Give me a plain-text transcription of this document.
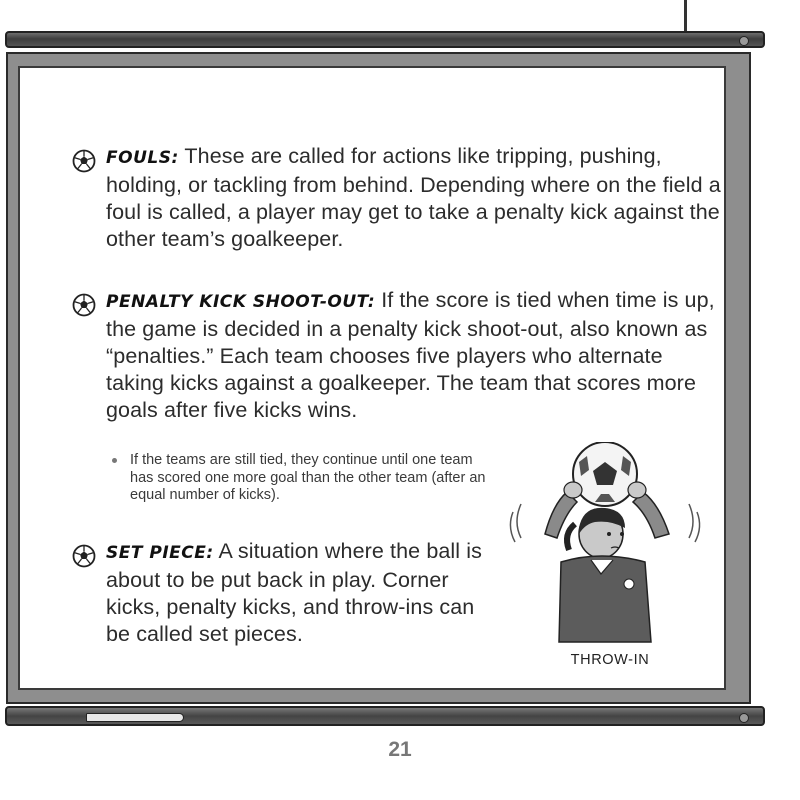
FOULS: These are called for actions like tripping, pushing, holding, or tackling from behind. Depending where on the field a foul is called, a player may get to take a penalty kick against the other team’s goalkeeper.
PENALTY KICK SHOOT-OUT: If the score is tied when time is up, the game is decided in a penalty kick shoot-out, also known as “penalties.” Each team chooses five players who alternate taking kicks against a goalkeeper. The team that scores more goals after five kicks wins.
If the teams are still tied, they continue until one team has scored one more goal than the other team (after an equal number of kicks).
SET PIECE: A situation where the ball is about to be put back in play. Corner kicks, penalty kicks, and throw-ins can be called set pieces.
THROW-IN
21
